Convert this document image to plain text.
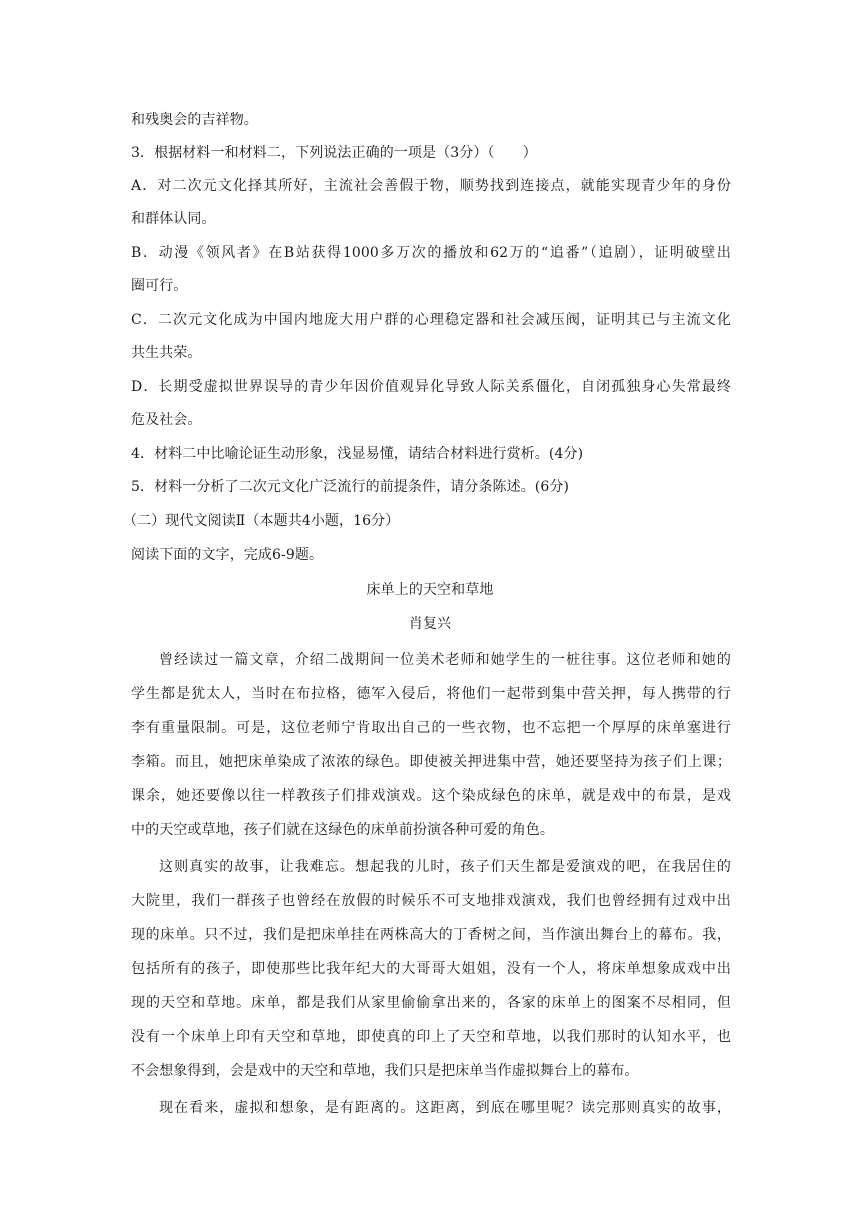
和残奥会的吉祥物。
3．根据材料一和材料二，下列说法正确的一项是（3分）（　　）
A．对二次元文化择其所好，主流社会善假于物，顺势找到连接点，就能实现青少年的身份
和群体认同。
B．动漫《领风者》在B站获得1000多万次的播放和62万的“追番”（追剧），证明破壁出
圈可行。
C．二次元文化成为中国内地庞大用户群的心理稳定器和社会减压阀，证明其已与主流文化
共生共荣。
D．长期受虚拟世界误导的青少年因价值观异化导致人际关系僵化，自闭孤独身心失常最终
危及社会。
4．材料二中比喻论证生动形象，浅显易懂，请结合材料进行赏析。(4分)
5．材料一分析了二次元文化广泛流行的前提条件，请分条陈述。(6分)
（二）现代文阅读Ⅱ（本题共4小题，16分）
阅读下面的文字，完成6-9题。
床单上的天空和草地
肖复兴
曾经读过一篇文章，介绍二战期间一位美术老师和她学生的一桩往事。这位老师和她的
学生都是犹太人，当时在布拉格，德军入侵后，将他们一起带到集中营关押，每人携带的行
李有重量限制。可是，这位老师宁肯取出自己的一些衣物，也不忘把一个厚厚的床单塞进行
李箱。而且，她把床单染成了浓浓的绿色。即使被关押进集中营，她还要坚持为孩子们上课；
课余，她还要像以往一样教孩子们排戏演戏。这个染成绿色的床单，就是戏中的布景，是戏
中的天空或草地，孩子们就在这绿色的床单前扮演各种可爱的角色。
这则真实的故事，让我难忘。想起我的儿时，孩子们天生都是爱演戏的吧，在我居住的
大院里，我们一群孩子也曾经在放假的时候乐不可支地排戏演戏，我们也曾经拥有过戏中出
现的床单。只不过，我们是把床单挂在两株高大的丁香树之间，当作演出舞台上的幕布。我，
包括所有的孩子，即使那些比我年纪大的大哥哥大姐姐，没有一个人，将床单想象成戏中出
现的天空和草地。床单，都是我们从家里偷偷拿出来的，各家的床单上的图案不尽相同，但
没有一个床单上印有天空和草地，即使真的印上了天空和草地，以我们那时的认知水平，也
不会想象得到，会是戏中的天空和草地，我们只是把床单当作虚拟舞台上的幕布。
现在看来，虚拟和想象，是有距离的。这距离，到底在哪里呢？读完那则真实的故事，
